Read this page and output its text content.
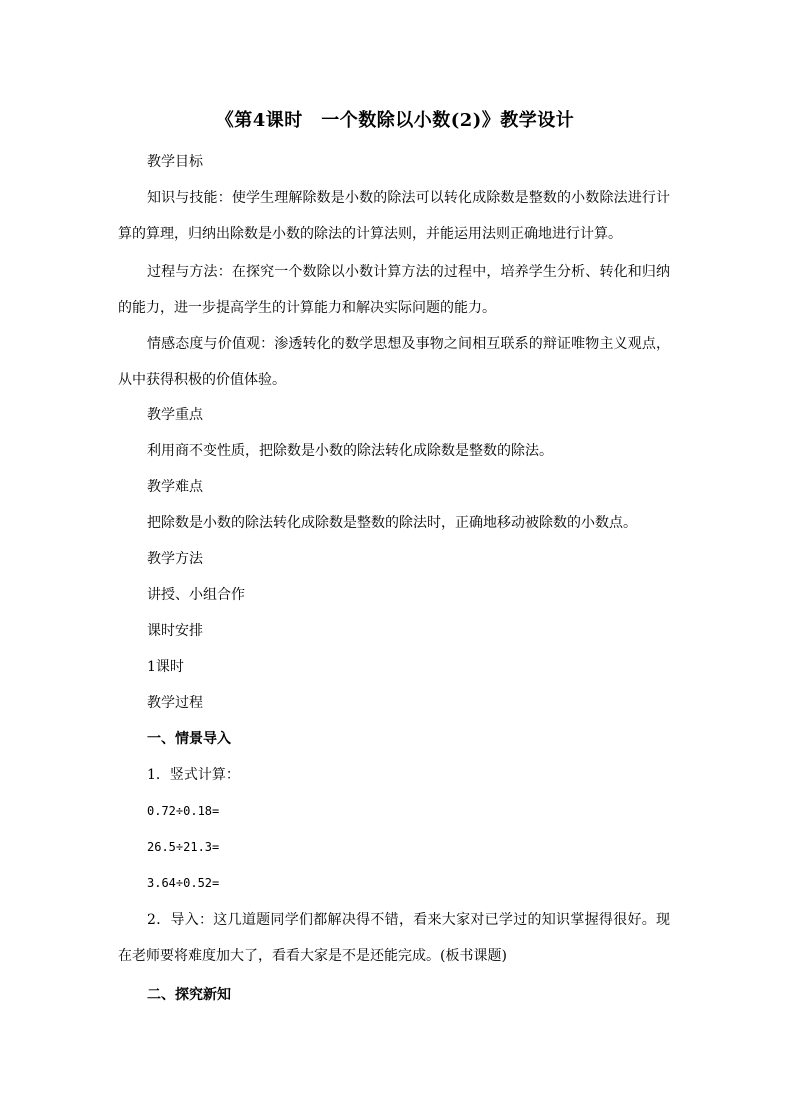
《第4课时　一个数除以小数(2)》教学设计
教学目标
知识与技能：使学生理解除数是小数的除法可以转化成除数是整数的小数除法进行计算的算理，归纳出除数是小数的除法的计算法则，并能运用法则正确地进行计算。
过程与方法：在探究一个数除以小数计算方法的过程中，培养学生分析、转化和归纳的能力，进一步提高学生的计算能力和解决实际问题的能力。
情感态度与价值观：渗透转化的数学思想及事物之间相互联系的辩证唯物主义观点，从中获得积极的价值体验。
教学重点
利用商不变性质，把除数是小数的除法转化成除数是整数的除法。
教学难点
把除数是小数的除法转化成除数是整数的除法时，正确地移动被除数的小数点。
教学方法
讲授、小组合作
课时安排
1课时
教学过程
一、情景导入
1．竖式计算：
0.72÷0.18=
26.5÷21.3=
3.64÷0.52=
2．导入：这几道题同学们都解决得不错，看来大家对已学过的知识掌握得很好。现在老师要将难度加大了，看看大家是不是还能完成。(板书课题)
二、探究新知
